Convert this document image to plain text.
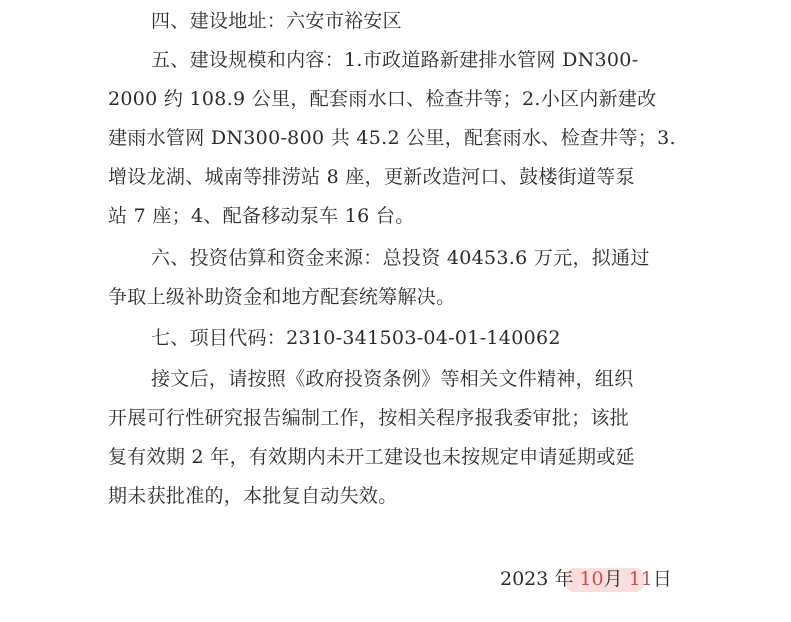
四、建设地址：六安市裕安区
五、建设规模和内容：1.市政道路新建排水管网 DN300-
2000 约 108.9 公里，配套雨水口、检查井等；2.小区内新建改
建雨水管网 DN300-800 共 45.2 公里，配套雨水、检查井等；3.
增设龙湖、城南等排涝站 8 座，更新改造河口、鼓楼街道等泵
站 7 座；4、配备移动泵车 16 台。
六、投资估算和资金来源：总投资 40453.6 万元，拟通过
争取上级补助资金和地方配套统筹解决。
七、项目代码：2310-341503-04-01-140062
接文后，请按照《政府投资条例》等相关文件精神，组织
开展可行性研究报告编制工作，按相关程序报我委审批；该批
复有效期 2 年，有效期内未开工建设也未按规定申请延期或延
期未获批准的，本批复自动失效。
2023 年 10月 11日
